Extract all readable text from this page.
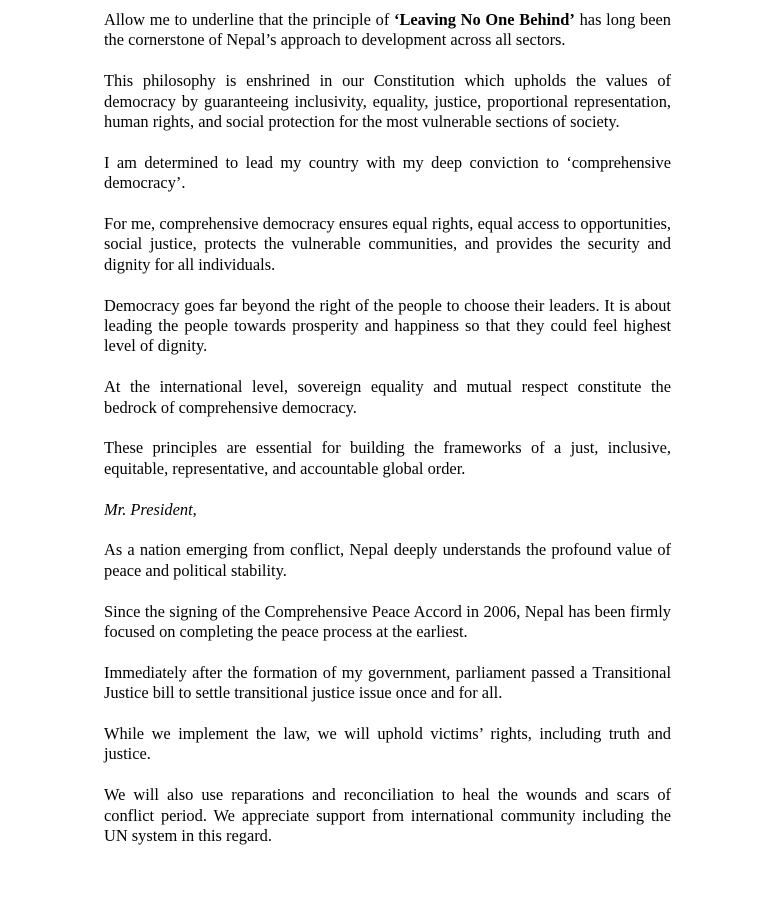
Allow me to underline that the principle of ‘Leaving No One Behind’ has long been the cornerstone of Nepal’s approach to development across all sectors.

This philosophy is enshrined in our Constitution which upholds the values of democracy by guaranteeing inclusivity, equality, justice, proportional representation, human rights, and social protection for the most vulnerable sections of society.

I am determined to lead my country with my deep conviction to ‘comprehensive democracy’.

For me, comprehensive democracy ensures equal rights, equal access to opportunities, social justice, protects the vulnerable communities, and provides the security and dignity for all individuals.

Democracy goes far beyond the right of the people to choose their leaders. It is about leading the people towards prosperity and happiness so that they could feel highest level of dignity.

At the international level, sovereign equality and mutual respect constitute the bedrock of comprehensive democracy.

These principles are essential for building the frameworks of a just, inclusive, equitable, representative, and accountable global order.

Mr. President,

As a nation emerging from conflict, Nepal deeply understands the profound value of peace and political stability.

Since the signing of the Comprehensive Peace Accord in 2006, Nepal has been firmly focused on completing the peace process at the earliest.

Immediately after the formation of my government, parliament passed a Transitional Justice bill to settle transitional justice issue once and for all.

While we implement the law, we will uphold victims’ rights, including truth and justice.

We will also use reparations and reconciliation to heal the wounds and scars of conflict period. We appreciate support from international community including the UN system in this regard.
